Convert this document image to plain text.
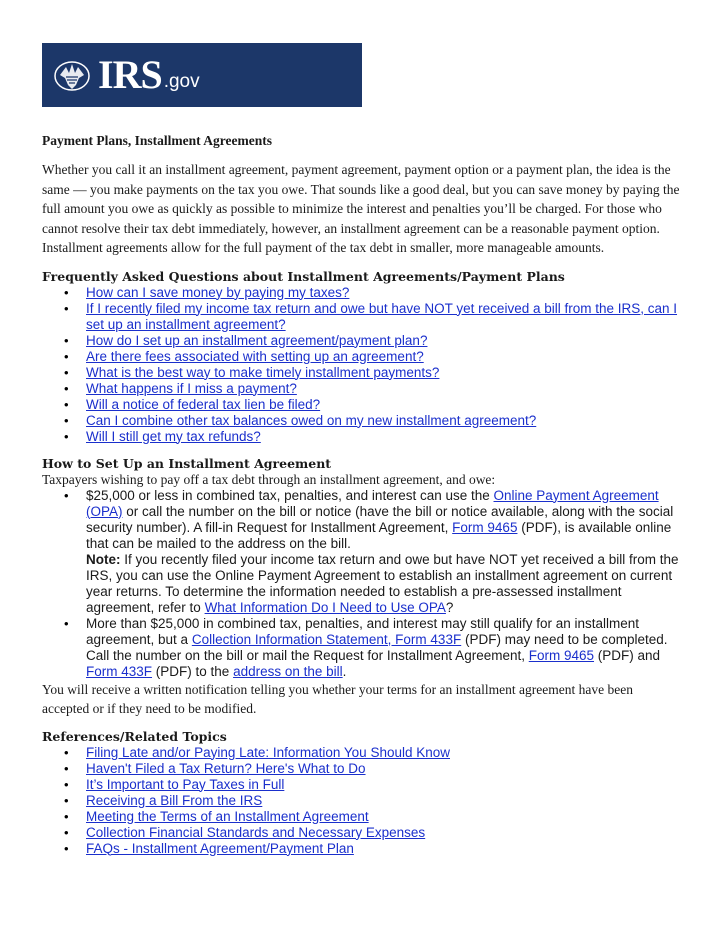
IRS .gov

Payment Plans, Installment Agreements

Whether you call it an installment agreement, payment agreement, payment option or a payment plan, the idea is the same — you make payments on the tax you owe. That sounds like a good deal, but you can save money by paying the full amount you owe as quickly as possible to minimize the interest and penalties you’ll be charged. For those who cannot resolve their tax debt immediately, however, an installment agreement can be a reasonable payment option. Installment agreements allow for the full payment of the tax debt in smaller, more manageable amounts.

Frequently Asked Questions about Installment Agreements/Payment Plans

• How can I save money by paying my taxes?
• If I recently filed my income tax return and owe but have NOT yet received a bill from the IRS, can I set up an installment agreement?
• How do I set up an installment agreement/payment plan?
• Are there fees associated with setting up an agreement?
• What is the best way to make timely installment payments?
• What happens if I miss a payment?
• Will a notice of federal tax lien be filed?
• Can I combine other tax balances owed on my new installment agreement?
• Will I still get my tax refunds?

How to Set Up an Installment Agreement

Taxpayers wishing to pay off a tax debt through an installment agreement, and owe:

• $25,000 or less in combined tax, penalties, and interest can use the Online Payment Agreement (OPA) or call the number on the bill or notice (have the bill or notice available, along with the social security number). A fill-in Request for Installment Agreement, Form 9465 (PDF), is available online that can be mailed to the address on the bill.
Note: If you recently filed your income tax return and owe but have NOT yet received a bill from the IRS, you can use the Online Payment Agreement to establish an installment agreement on current year returns. To determine the information needed to establish a pre-assessed installment agreement, refer to What Information Do I Need to Use OPA?
• More than $25,000 in combined tax, penalties, and interest may still qualify for an installment agreement, but a Collection Information Statement, Form 433F (PDF) may need to be completed. Call the number on the bill or mail the Request for Installment Agreement, Form 9465 (PDF) and Form 433F (PDF) to the address on the bill.

You will receive a written notification telling you whether your terms for an installment agreement have been accepted or if they need to be modified.

References/Related Topics

• Filing Late and/or Paying Late: Information You Should Know
• Haven't Filed a Tax Return? Here's What to Do
• It’s Important to Pay Taxes in Full
• Receiving a Bill From the IRS
• Meeting the Terms of an Installment Agreement
• Collection Financial Standards and Necessary Expenses
• FAQs - Installment Agreement/Payment Plan
